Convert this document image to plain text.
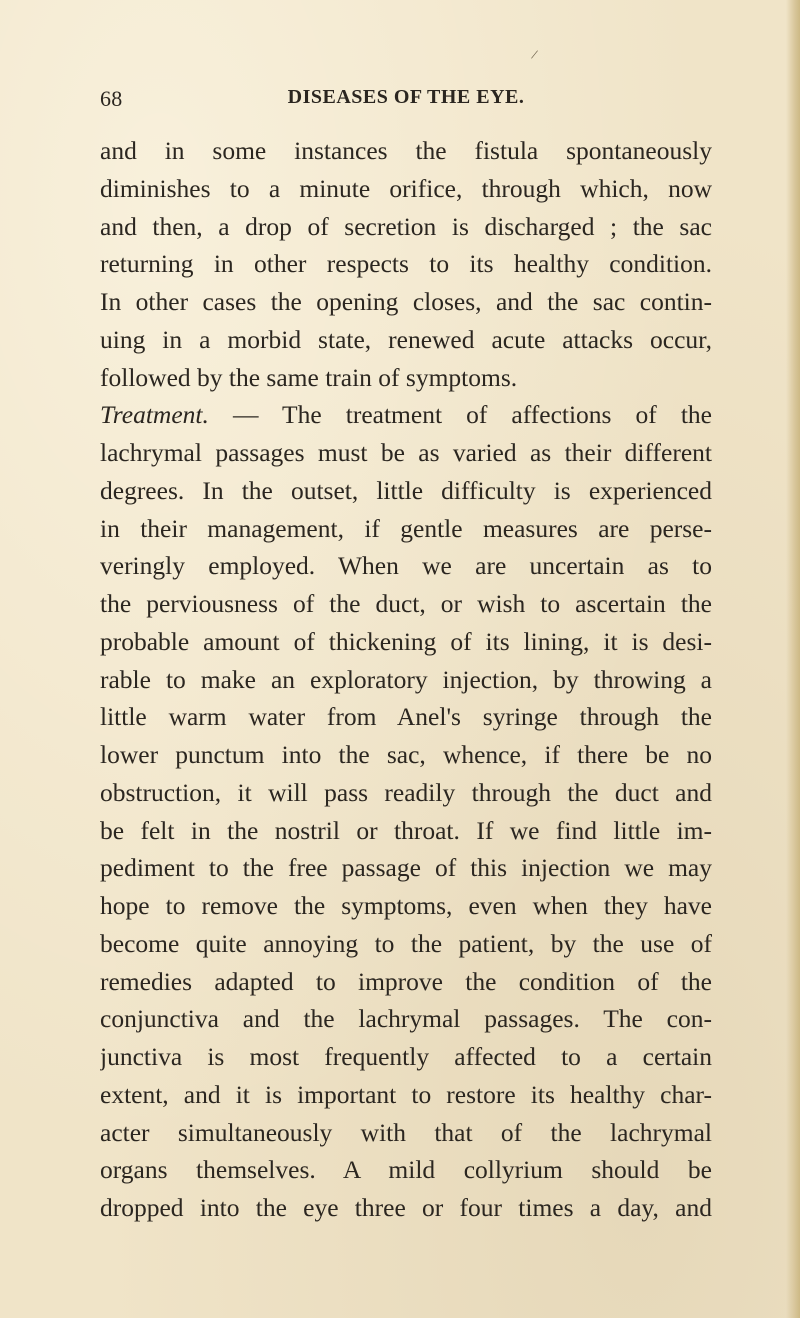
/
68	DISEASES OF THE EYE.
and in some instances the fistula spontaneously
diminishes to a minute orifice, through which, now
and then, a drop of secretion is discharged ; the sac
returning in other respects to its healthy condition.
In other cases the opening closes, and the sac contin-
uing in a morbid state, renewed acute attacks occur,
followed by the same train of symptoms.
Treatment. — The treatment of affections of the
lachrymal passages must be as varied as their different
degrees. In the outset, little difficulty is experienced
in their management, if gentle measures are perse-
veringly employed. When we are uncertain as to
the perviousness of the duct, or wish to ascertain the
probable amount of thickening of its lining, it is desi-
rable to make an exploratory injection, by throwing a
little warm water from Anel's syringe through the
lower punctum into the sac, whence, if there be no
obstruction, it will pass readily through the duct and
be felt in the nostril or throat. If we find little im-
pediment to the free passage of this injection we may
hope to remove the symptoms, even when they have
become quite annoying to the patient, by the use of
remedies adapted to improve the condition of the
conjunctiva and the lachrymal passages. The con-
junctiva is most frequently affected to a certain
extent, and it is important to restore its healthy char-
acter simultaneously with that of the lachrymal
organs themselves. A mild collyrium should be
dropped into the eye three or four times a day, and
